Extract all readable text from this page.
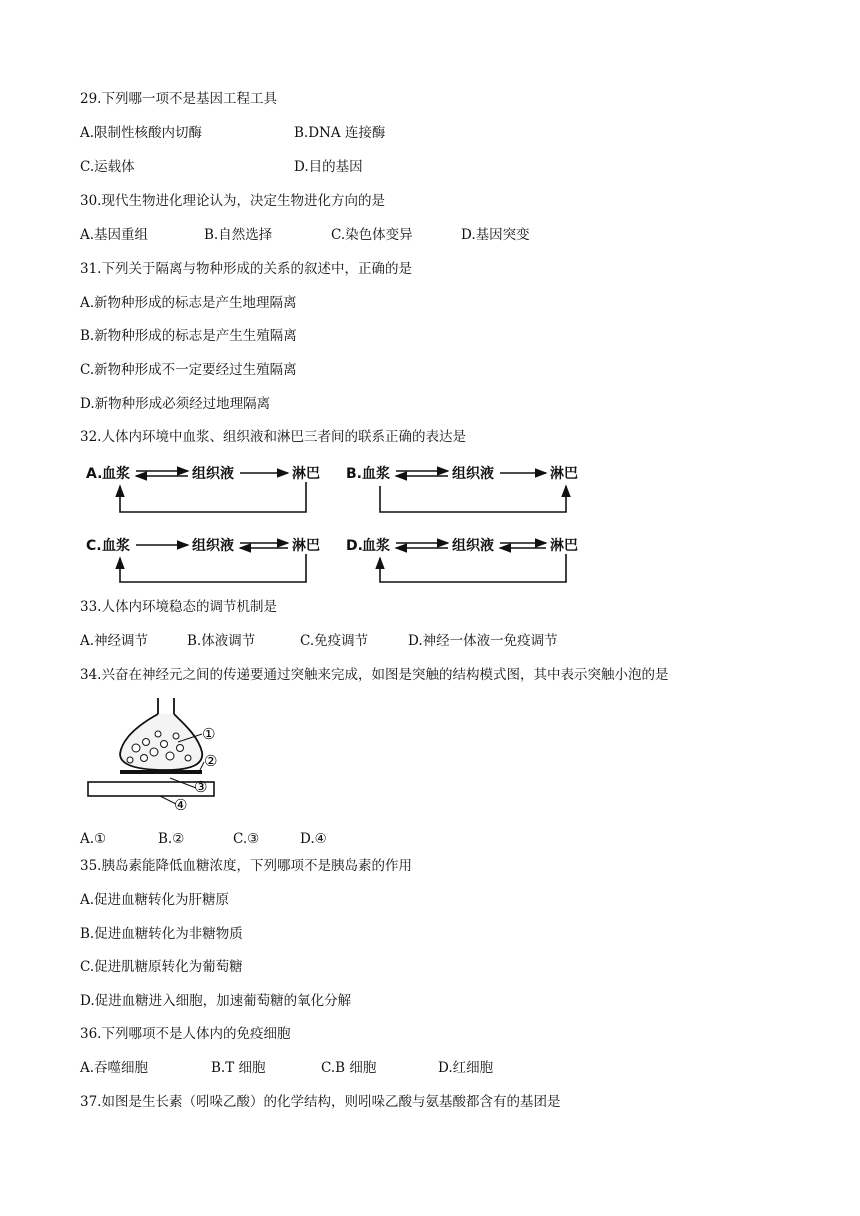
29.下列哪一项不是基因工程工具
A.限制性核酸内切酶	B.DNA 连接酶
C.运载体	D.目的基因
30.现代生物进化理论认为，决定生物进化方向的是
A.基因重组	B.自然选择	C.染色体变异	D.基因突变
31.下列关于隔离与物种形成的关系的叙述中，正确的是
A.新物种形成的标志是产生地理隔离
B.新物种形成的标志是产生生殖隔离
C.新物种形成不一定要经过生殖隔离
D.新物种形成必须经过地理隔离
32.人体内环境中血浆、组织液和淋巴三者间的联系正确的表达是
A. 血浆	组织液	淋巴 B. 血浆	组织液	淋巴
C. 血浆	组织液	淋巴 D. 血浆	组织液	淋巴
33.人体内环境稳态的调节机制是
A.神经调节	B.体液调节	C.免疫调节	D.神经一体液一免疫调节
34.兴奋在神经元之间的传递要通过突触来完成，如图是突触的结构模式图，其中表示突触小泡的是
①
②
③
④
A.①	B.②	C.③	D.④
35.胰岛素能降低血糖浓度，下列哪项不是胰岛素的作用
A.促进血糖转化为肝糖原
B.促进血糖转化为非糖物质
C.促进肌糖原转化为葡萄糖
D.促进血糖进入细胞，加速葡萄糖的氧化分解
36.下列哪项不是人体内的免疫细胞
A.吞噬细胞	B.T 细胞	C.B 细胞	D.红细胞
37.如图是生长素（吲哚乙酸）的化学结构，则吲哚乙酸与氨基酸都含有的基团是
